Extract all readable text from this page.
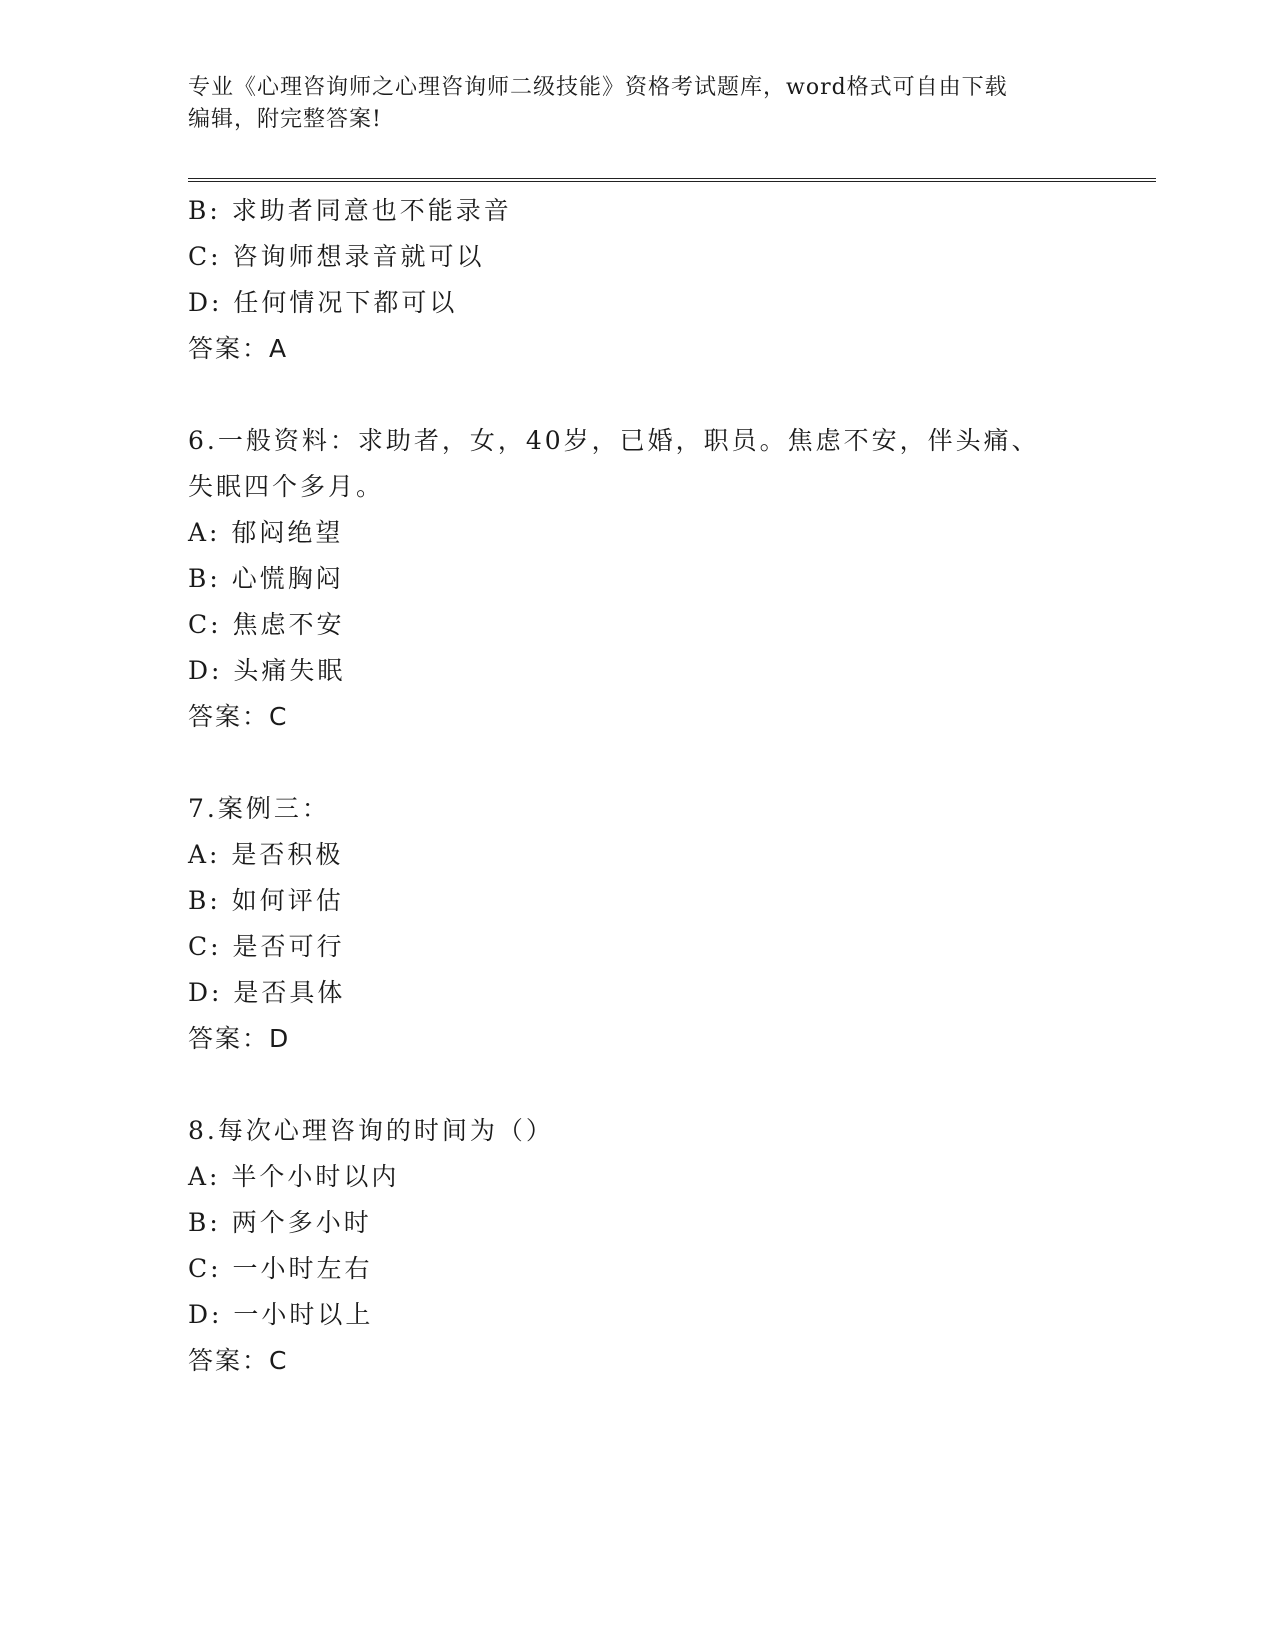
专业《心理咨询师之心理咨询师二级技能》资格考试题库，word格式可自由下载
编辑，附完整答案!
B: 求助者同意也不能录音
C: 咨询师想录音就可以
D: 任何情况下都可以
答案：A
6.一般资料：求助者，女，40岁，已婚，职员。焦虑不安，伴头痛、
失眠四个多月。
A: 郁闷绝望
B: 心慌胸闷
C: 焦虑不安
D: 头痛失眠
答案：C
7.案例三：
A: 是否积极
B: 如何评估
C: 是否可行
D: 是否具体
答案：D
8.每次心理咨询的时间为（）
A: 半个小时以内
B: 两个多小时
C: 一小时左右
D: 一小时以上
答案：C
